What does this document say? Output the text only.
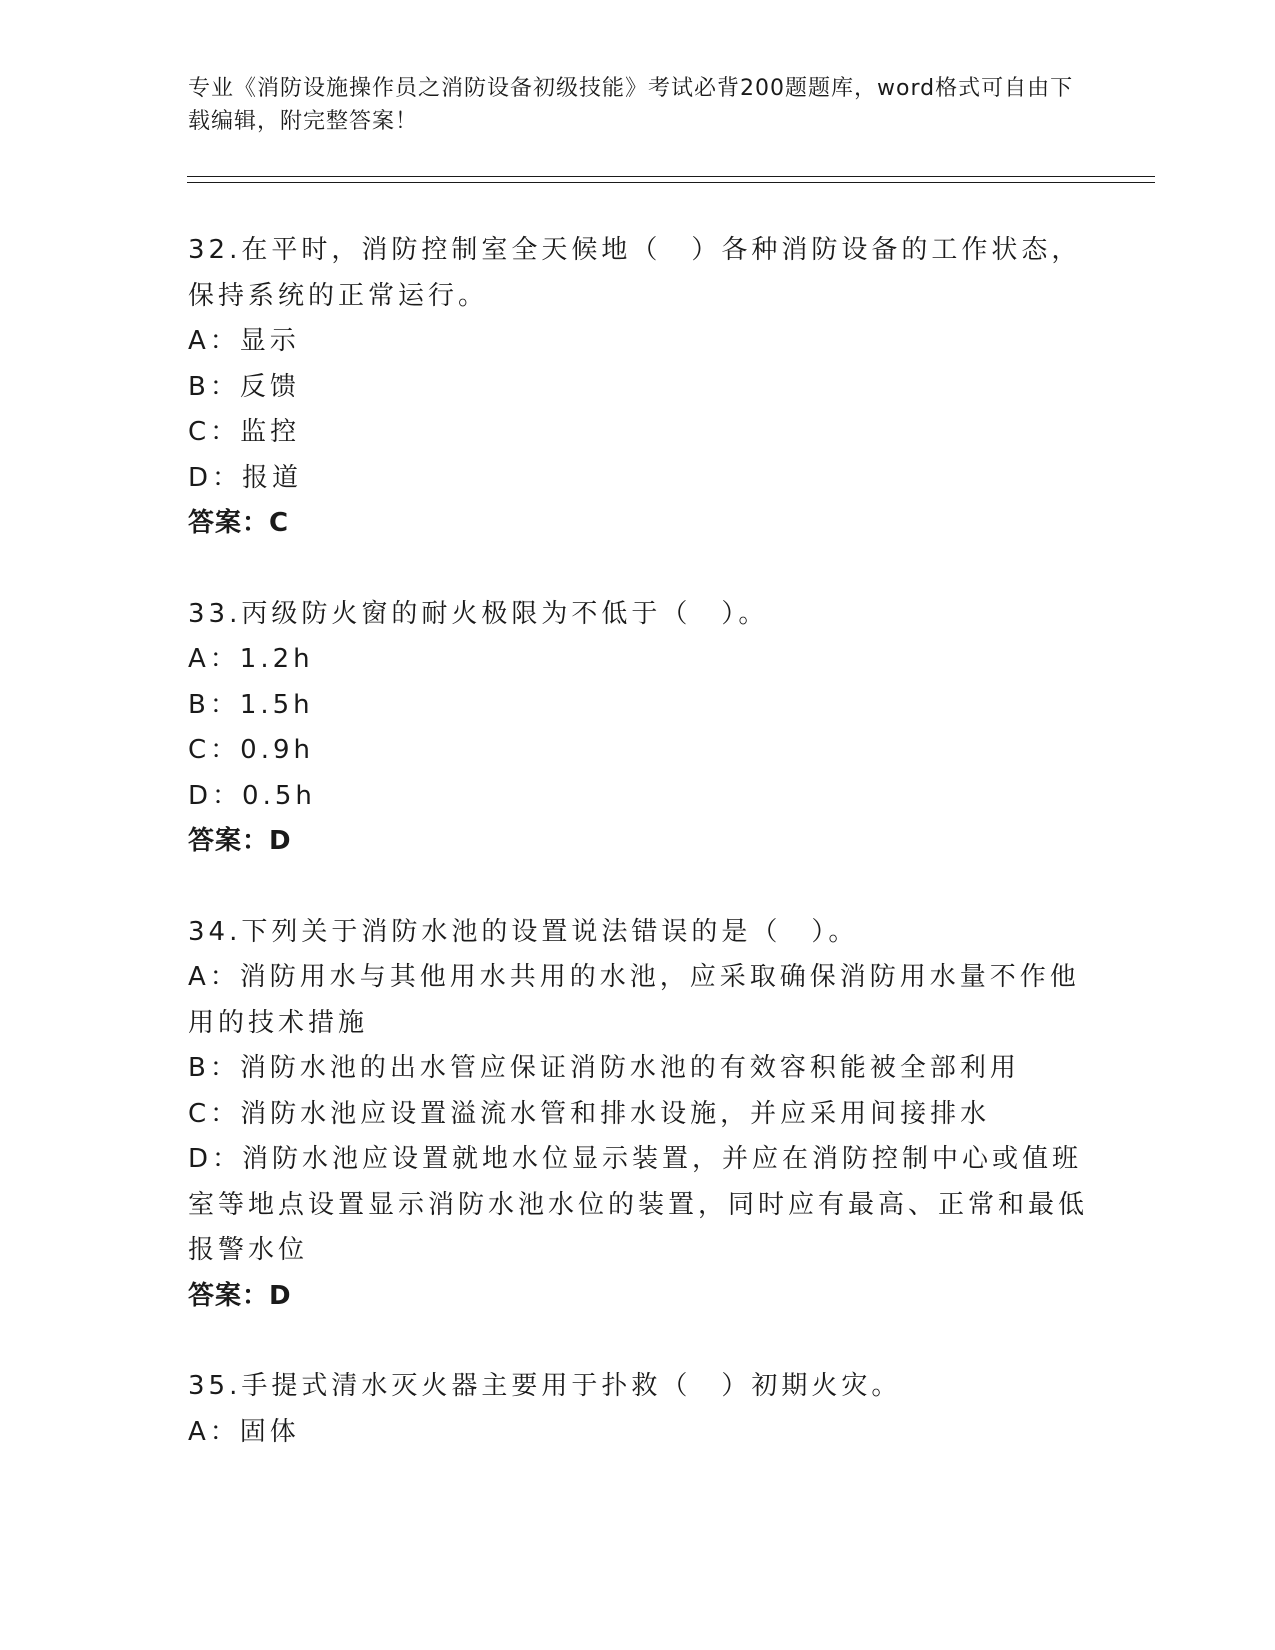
专业《消防设施操作员之消防设备初级技能》考试必背200题题库，word格式可自由下载编辑，附完整答案！

32.在平时，消防控制室全天候地（　）各种消防设备的工作状态，保持系统的正常运行。

A：显示

B：反馈

C：监控

D：报道

答案：C

33.丙级防火窗的耐火极限为不低于（　）。

A：1.2h

B：1.5h

C：0.9h

D：0.5h

答案：D

34.下列关于消防水池的设置说法错误的是（　）。

A：消防用水与其他用水共用的水池，应采取确保消防用水量不作他用的技术措施

B：消防水池的出水管应保证消防水池的有效容积能被全部利用

C：消防水池应设置溢流水管和排水设施，并应采用间接排水

D：消防水池应设置就地水位显示装置，并应在消防控制中心或值班室等地点设置显示消防水池水位的装置，同时应有最高、正常和最低报警水位

答案：D

35.手提式清水灭火器主要用于扑救（　）初期火灾。

A：固体
